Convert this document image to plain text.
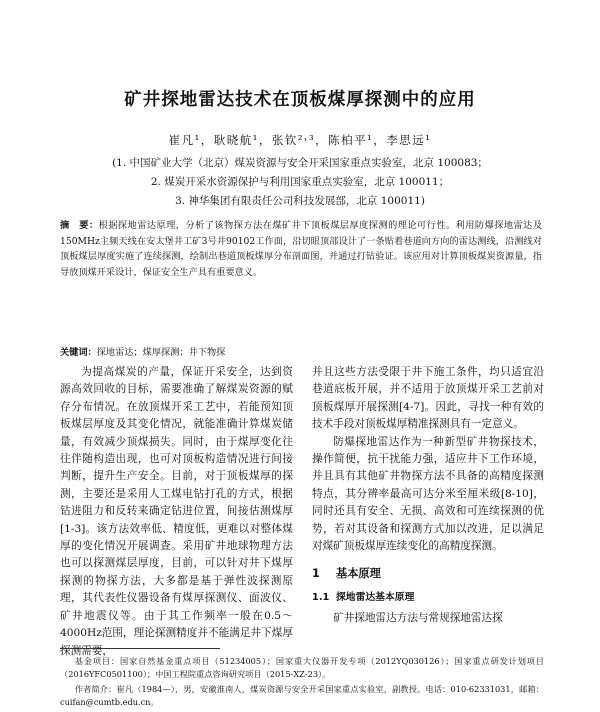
矿井探地雷达技术在顶板煤厚探测中的应用
崔凡¹，耿晓航¹，张钦²˒³，陈柏平¹，李思远¹
(1. 中国矿业大学（北京）煤炭资源与安全开采国家重点实验室，北京 100083；
2. 煤炭开采水资源保护与利用国家重点实验室，北京 100011；
3. 神华集团有限责任公司科技发展部，北京 100011)
摘　要：根据探地雷达原理，分析了该物探方法在煤矿井下顶板煤层厚度探测的理论可行性。利用防爆探地雷达及150MHz主频天线在安太堡井工矿3号井90102工作面，沿切眼顶部设计了一条贴着巷道向方向的雷达测线，沿测线对顶板煤层厚度实施了连续探测，绘制出巷道顶板煤厚分布剖面图，并通过打钻验证。该应用对计算顶板煤炭资源量，指导放顶煤开采设计，保证安全生产具有重要意义。
关键词：探地雷达；煤厚探测；井下物探

为提高煤炭的产量，保证开采安全，达到资源高效回收的目标，需要准确了解煤炭资源的赋存分布情况。在放顶煤开采工艺中，若能预知顶板煤层厚度及其变化情况，就能准确计算煤炭储量，有效减少顶煤损失。同时，由于煤厚变化往往伴随构造出现，也可对顶板构造情况进行间接判断，提升生产安全。目前，对于顶板煤厚的探测，主要还是采用人工煤电钻打孔的方式，根据钻进阻力和反转来确定钻进位置，间接估测煤厚[1-3]。该方法效率低、精度低，更难以对整体煤厚的变化情况开展调查。采用矿井地球物理方法也可以探测煤层厚度，目前，可以针对井下煤厚探测的物探方法，大多都是基于弹性波探测原理，其代表性仪器设备有煤厚探测仪、面波仪、矿井地震仪等。由于其工作频率一般在0.5～4000Hz范围，理论探测精度并不能满足井下煤厚探测需要，

并且这些方法受限于井下施工条件，均只适宜沿巷道底板开展，并不适用于放顶煤开采工艺前对顶板煤厚开展探测[4-7]。因此，寻找一种有效的技术手段对顶板煤厚精准探测具有一定意义。

防爆探地雷达作为一种新型矿井物探技术，操作简便，抗干扰能力强，适应井下工作环境，并且具有其他矿井物探方法不具备的高精度探测特点，其分辨率最高可达分米至厘米级[8-10]，同时还具有安全、无损、高效和可连续探测的优势，若对其设备和探测方式加以改进，足以满足对煤矿顶板煤厚连续变化的高精度探测。

1 基本原理
1.1 探地雷达基本原理

矿井探地雷达方法与常规探地雷达探

基金项目：国家自然基金重点项目（51234005）；国家重大仪器开发专项（2012YQ030126）；国家重点研发计划项目（2016YFC0501100）；中国工程院重点咨询研究项目（2015-XZ-23）。

作者简介：崔凡（1984—），男，安徽淮南人，煤炭资源与安全开采国家重点实验室，副教授。电话：010-62331031，邮箱：cuifan@cumtb.edu.cn。
